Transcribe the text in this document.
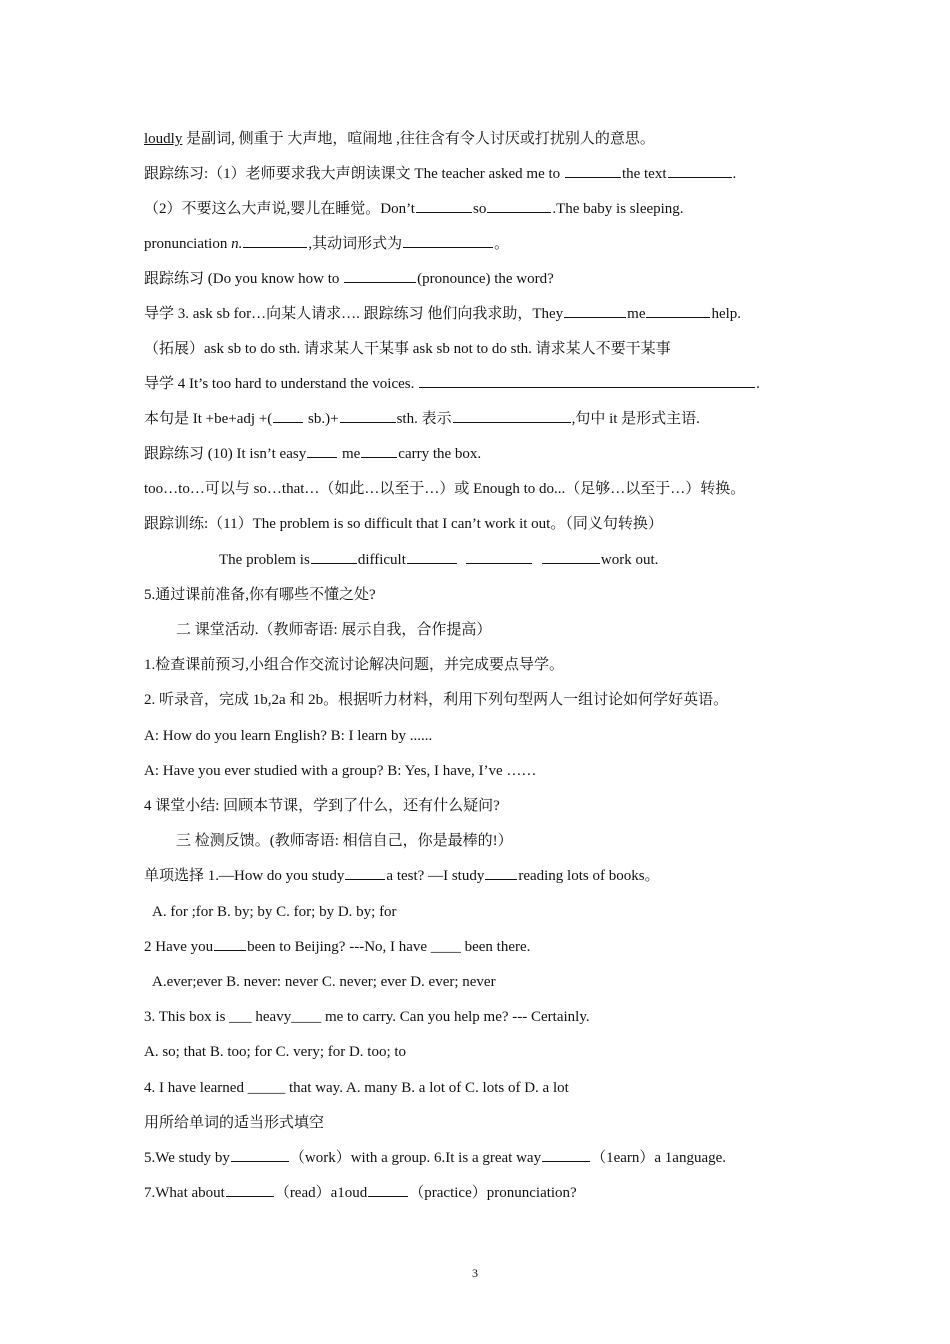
loudly 是副词, 侧重于 大声地，喧闹地 ,往往含有令人讨厌或打扰别人的意思。
跟踪练习:（1）老师要求我大声朗读课文 The teacher asked me to	the text	.
（2）不要这么大声说,婴儿在睡觉。Don’t	so	.The baby is sleeping.
pronunciation n.	,其动词形式为	。
跟踪练习 (Do you know how to	(pronounce) the word?
导学 3. ask sb for…向某人请求…. 跟踪练习 他们向我求助，They	me	help.
（拓展）ask sb to do sth. 请求某人干某事 ask sb not to do sth. 请求某人不要干某事
导学 4 It’s too hard to understand the voices.	.
本句是 It +be+adj +( sb.)+	sth. 表示	,句中 it 是形式主语.
跟踪练习 (10) It isn’t easy me	carry the box.
too…to…可以与 so…that…（如此…以至于…）或 Enough to do...（足够…以至于…）转换。
跟踪训练:（11）The problem is so difficult that I can’t work it out。（同义句转换）
The problem is	difficult	work out.
5.通过课前准备,你有哪些不懂之处?
二 课堂活动.（教师寄语: 展示自我，合作提高）
1.检查课前预习,小组合作交流讨论解决问题，并完成要点导学。
2. 听录音，完成 1b,2a 和 2b。根据听力材料，利用下列句型两人一组讨论如何学好英语。
A: How do you learn English? B: I learn by ......
A: Have you ever studied with a group? B: Yes, I have, I’ve ……
4 课堂小结: 回顾本节课，学到了什么，还有什么疑问?
三 检测反馈。(教师寄语: 相信自己，你是最棒的!）
单项选择 1.—How do you study	a test? —I study reading lots of books。
A. for ;for B. by; by C. for; by D. by; for
2 Have you been to Beijing? ---No, I have ____ been there.
A.ever;ever B. never: never C. never; ever D. ever; never
3. This box is ___ heavy____ me to carry. Can you help me? --- Certainly.
A. so; that B. too; for C. very; for D. too; to
4. I have learned _____ that way. A. many B. a lot of C. lots of D. a lot
用所给单词的适当形式填空
5.We study by	（work）with a group. 6.It is a great way	（1earn）a 1anguage.
7.What about	（read）a1oud	（practice）pronunciation?
3
